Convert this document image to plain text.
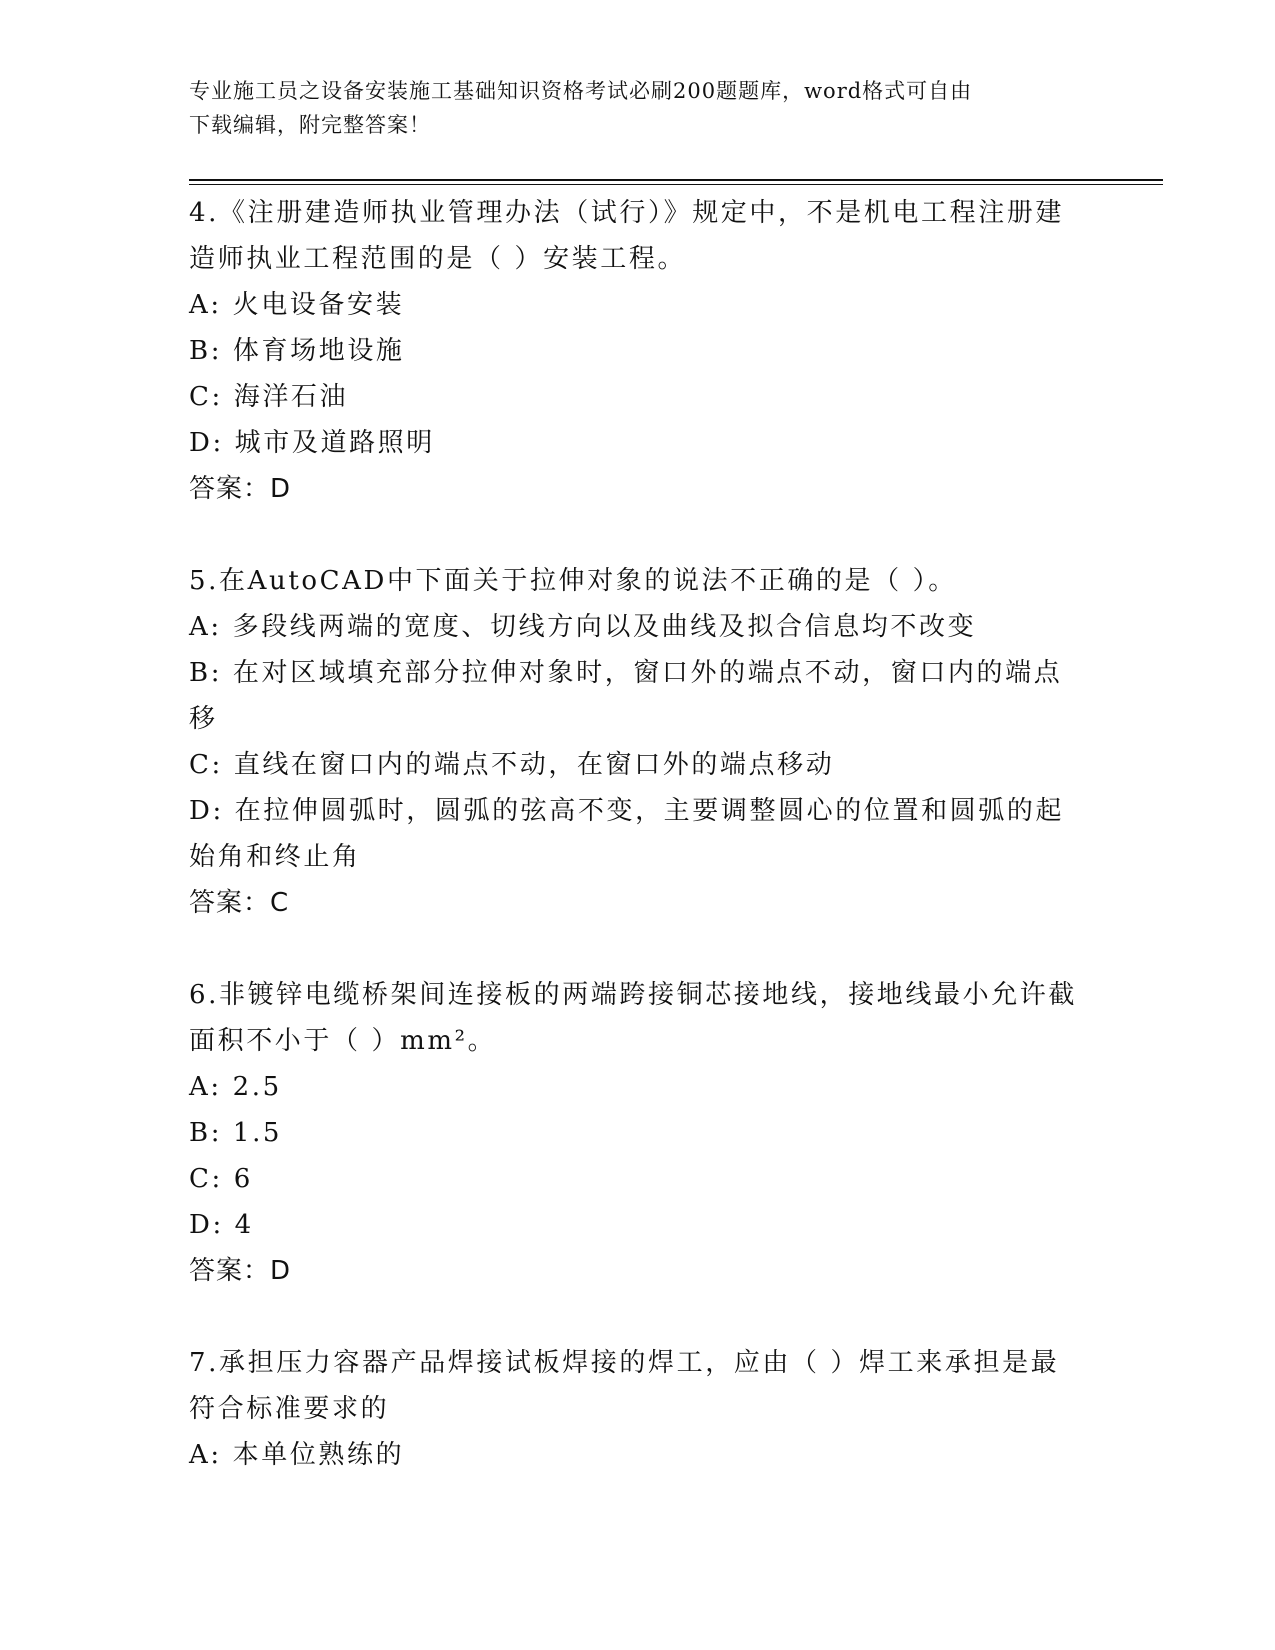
专业施工员之设备安装施工基础知识资格考试必刷200题题库，word格式可自由
下载编辑，附完整答案！
4.《注册建造师执业管理办法（试行）》规定中，不是机电工程注册建造师执业工程范围的是（ ）安装工程。
A: 火电设备安装
B: 体育场地设施
C: 海洋石油
D: 城市及道路照明
答案：D
5.在AutoCAD中下面关于拉伸对象的说法不正确的是（ ）。
A: 多段线两端的宽度、切线方向以及曲线及拟合信息均不改变
B: 在对区域填充部分拉伸对象时，窗口外的端点不动，窗口内的端点移
C: 直线在窗口内的端点不动，在窗口外的端点移动
D: 在拉伸圆弧时，圆弧的弦高不变，主要调整圆心的位置和圆弧的起始角和终止角
答案：C
6.非镀锌电缆桥架间连接板的两端跨接铜芯接地线，接地线最小允许截面积不小于（ ）mm²。
A: 2.5
B: 1.5
C: 6
D: 4
答案：D
7.承担压力容器产品焊接试板焊接的焊工，应由（ ）焊工来承担是最符合标准要求的
A: 本单位熟练的
